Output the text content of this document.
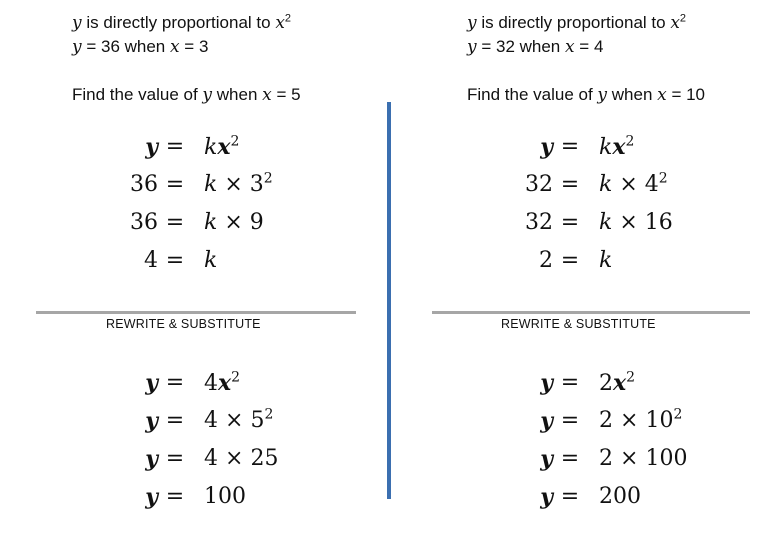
y is directly proportional to $x^2$
y = 36 when x = 3
Find the value of y when x = 5
$y = kx^2$
$36 = k \times 3^2$
36 = k × 9
4 = k
REWRITE & SUBSTITUTE
$y = 4x^2$
$y = 4 \times 5^2$
y = 4 × 25
y = 100
y is directly proportional to $x^2$
y = 32 when x = 4
Find the value of y when x = 10
$y = kx^2$
$32 = k \times 4^2$
32 = k × 16
2 = k
REWRITE & SUBSTITUTE
$y = 2x^2$
$y = 2 \times 10^2$
y = 2 × 100
y = 200
